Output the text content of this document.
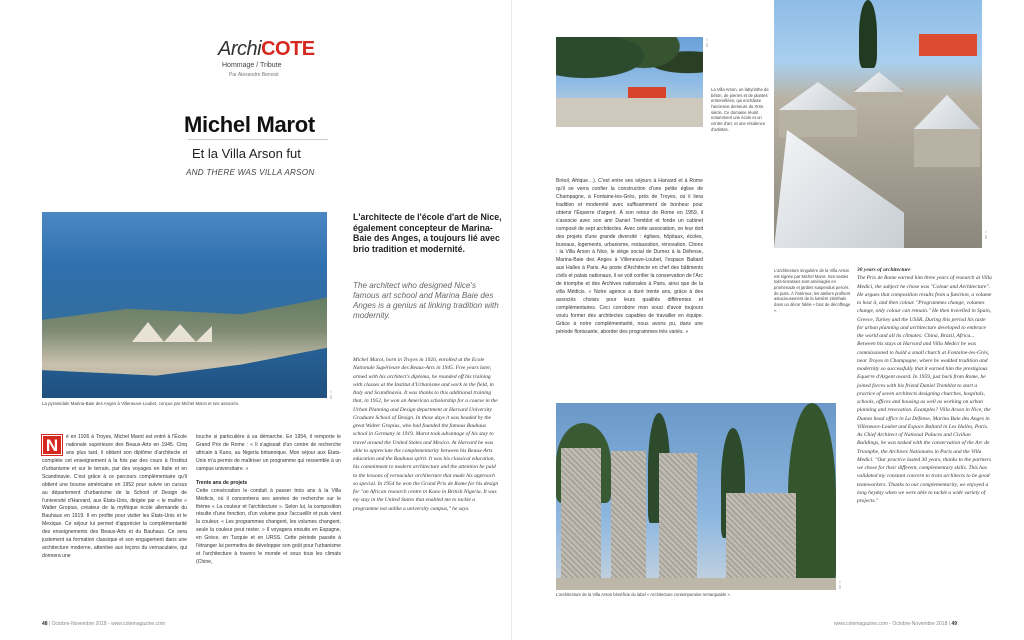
ArchiCOTE
Hommage / Tribute
Par Alexandre Benoist
Michel Marot
Et la Villa Arson fut
AND THERE WAS VILLA ARSON
© DR
La pyramidale Marina-Baie des Anges à Villeneuve-Loubet, conçue par Michel Marot et ses associés.
L'architecte de l'école d'art de Nice, également concepteur de Marina-Baie des Anges, a toujours lié avec brio tradition et modernité.
The architect who designed Nice's famous art school and Marina Baie des Anges is a genius at linking tradition with modernity.
N	é en 1926 à Troyes, Michel Marot est entré à l'École nationale supérieure des Beaux-Arts en 1945. Cinq ans plus tard, il obtient son diplôme d'architecte et complète cet enseignement à la fois par des cours à l'Institut d'urbanisme et sur le terrain, par des voyages en Italie et en Scandinavie. C'est grâce à ce parcours complémentaire qu'il obtient une bourse américaine en 1952 pour suivre un cursus au département d'urbanisme de la School of Design de l'université d'Harvard, aux États-Unis, dirigée par « le maître » Walter Gropius, créateur de la mythique école allemande du Bauhaus en 1919. Il en profite pour visiter les États-Unis et le Mexique. Ce séjour lui permet d'apprécier la complémentarité des enseignements des Beaux-Arts et du Bauhaus. Ce sera justement sa formation classique et son engagement dans une architecture moderne, attentive aux leçons du vernaculaire, qui donnera une
touche si particulière à sa démarche. En 1954, il remporte le Grand Prix de Rome : « Il s'agissait d'un centre de recherche africain à Kano, au Nigeria britannique. Mon séjour aux États-Unis m'a permis de maîtriser un programme qui ressemble à un campus universitaire. »
Trente ans de projets
Cette consécration le conduit à passer trois ans à la Villa Médicis, où il concentrera ses années de recherche sur le thème « La couleur et l'architecture ». Selon lui, la composition résulte d'une fonction, d'un volume pour l'accueillir et puis vient la couleur. « Les programmes changent, les volumes changent, seule la couleur peut rester. » Il voyagera ensuite en Espagne, en Grèce, en Turquie et en URSS. Cette période passée à l'étranger lui permettra de développer son goût pour l'urbanisme et l'architecture à travers le monde et sous tous les climats (Chine,
Michel Marot, born in Troyes in 1926, enrolled at the Ecole Nationale Supérieure des Beaux-Arts in 1945. Five years later, armed with his architect's diploma, he rounded off his training with classes at the Institut d'Urbanisme and work in the field, in Italy and Scandinavia. It was thanks to this additional training that, in 1952, he won an American scholarship for a course in the Urban Planning and Design department at Harvard University Graduate School of Design. In those days it was headed by the great Walter Gropius, who had founded the famous Bauhaus school in Germany in 1919. Marot took advantage of his stay to travel around the United States and Mexico. At Harvard he was able to appreciate the complementarity between his Beaux-Arts education and the Bauhaus spirit. It was his classical education, his commitment to modern architecture and the attention he paid to the lessons of vernacular architecture that made his approach so special. In 1954 he won the Grand Prix de Rome for his design for "an African research centre in Kano in British Nigeria. It was my stay in the United States that enabled me to tackle a programme not unlike a university campus," he says.
48 | Octobre-Novembre 2018 - www.cotemagazine.com
© DR
La Villa Arson, un labyrinthe de béton, de pierres et de plantes entremêlées, qui enchâsse l'ancienne demeure du XIXe siècle. Ce domaine réunit notamment une école et un centre d'art, et une résidence d'artistes.
© DR
L'architecture singulière de la Villa Arson est signée par Michel Marot. Ses vastes toits-terrasses sont aménagés en promenade et jardins suspendus percés de puits. À l'intérieur, les ateliers profitent astucieusement de la lumière zénithale dans un décor fidèle « brut de décoffrage ».
30 years of architecture
The Prix de Rome earned him three years of research at Villa Medici, the subject he chose was "Colour and Architecture". He argues that composition results from a function, a volume to host it, and then colour. "Programmes change, volumes change, only colour can remain." He then travelled in Spain, Greece, Turkey and the USSR. During this period his taste for urban planning and architecture developed to embrace the world and all its climates: China, Brazil, Africa... Between his stays at Harvard and Villa Medici he was commissioned to build a small church at Fontaine-les-Grès, near Troyes in Champagne, where he wedded tradition and modernity so successfully that it earned him the prestigious Equerre d'Argent award. In 1959, just back from Rome, he joined forces with his friend Daniel Tremblot to start a practice of seven architects designing churches, hospitals, schools, offices and housing as well as working on urban planning and renovation. Examples? Villa Arson in Nice, the Dumez head office in La Défense, Marina Baie des Anges in Villeneuve-Loubet and Espace Baltard in Les Halles, Paris. As Chief Architect of National Palaces and Civilian Buildings, he was tasked with the conservation of the Arc de Triomphe, the Archives Nationales in Paris and the Villa Medici. "Our practice lasted 30 years, thanks to the partners we chose for their different, complementary skills. This has validated my constant concern to train architects to be good teamworkers. Thanks to our complementarity, we enjoyed a long heyday when we were able to tackle a wide variety of projects."
Brésil, Afrique…). C'est entre ses séjours à Harvard et à Rome qu'il se verra confier la construction d'une petite église de Champagne, à Fontaine-les-Grès, près de Troyes, où il liera tradition et modernité avec suffisamment de bonheur pour obtenir l'Équerre d'argent. À son retour de Rome en 1959, il s'associe avec son ami Daniel Tremblot et fonde un cabinet composé de sept architectes. Avec cette association, on leur doit des projets d'une grande diversité : églises, hôpitaux, écoles, bureaux, logements, urbanisme, restauration, rénovation. Citons : la Villa Arson à Nice, le siège social de Dumez à la Défense, Marina-Baie des Anges à Villeneuve-Loubet, l'espace Baltard aux Halles à Paris. Au poste d'Architecte en chef des bâtiments civils et palais nationaux, il se voit confier la conservation de l'Arc de triomphe et des Archives nationales à Paris, ainsi que de la villa Médicis. « Notre agence a duré trente ans, grâce à des associés choisis pour leurs qualités différentes et complémentaires. Ceci corrobore mon souci d'avoir toujours voulu former des architectes capables de travailler en équipe. Grâce à notre complémentarité, nous avons pu, dans une période florissante, aborder des programmes très variés. »
© DR
L'architecture de la Villa Arson bénéficie du label « Architecture contemporaine remarquable ».
www.cotemagazine.com - Octobre-Novembre 2018 | 49
